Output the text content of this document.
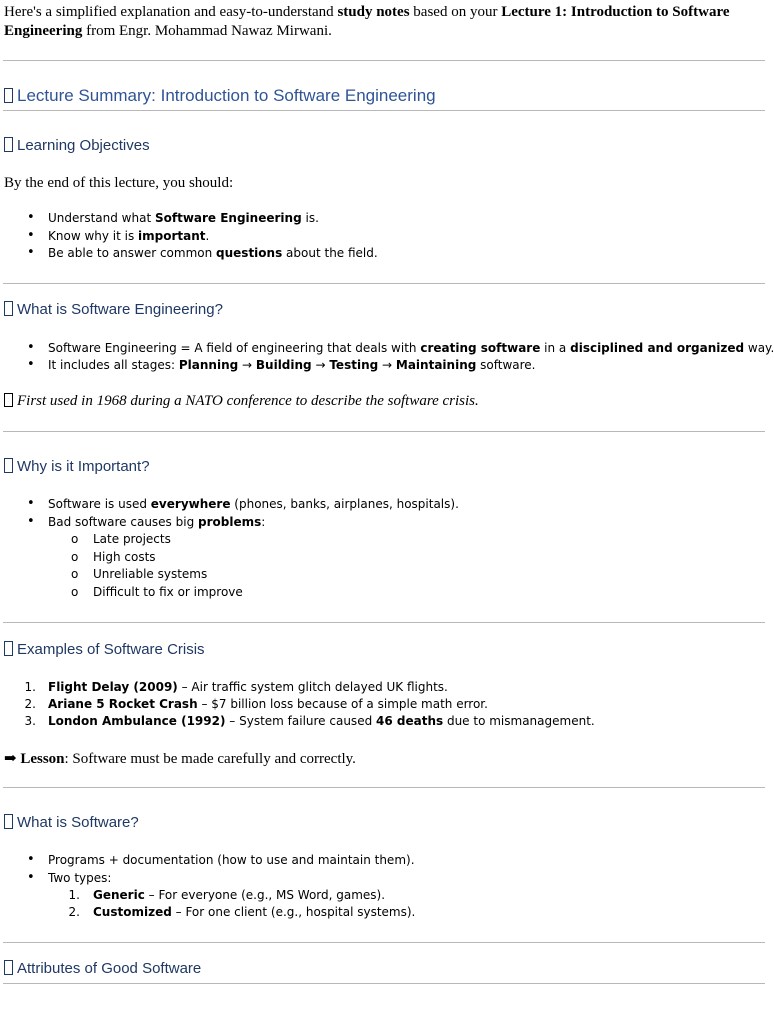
Here's a simplified explanation and easy-to-understand study notes based on your Lecture 1: Introduction to Software Engineering from Engr. Mohammad Nawaz Mirwani.
Lecture Summary: Introduction to Software Engineering
Learning Objectives
By the end of this lecture, you should:
• Understand what Software Engineering is.
• Know why it is important.
• Be able to answer common questions about the field.
What is Software Engineering?
• Software Engineering = A field of engineering that deals with creating software in a disciplined and organized way.
• It includes all stages: Planning → Building → Testing → Maintaining software.
First used in 1968 during a NATO conference to describe the software crisis.
Why is it Important?
• Software is used everywhere (phones, banks, airplanes, hospitals).
• Bad software causes big problems:
o Late projects
o High costs
o Unreliable systems
o Difficult to fix or improve
Examples of Software Crisis
1. Flight Delay (2009) – Air traffic system glitch delayed UK flights.
2. Ariane 5 Rocket Crash – $7 billion loss because of a simple math error.
3. London Ambulance (1992) – System failure caused 46 deaths due to mismanagement.
➡ Lesson: Software must be made carefully and correctly.
What is Software?
• Programs + documentation (how to use and maintain them).
• Two types:
1. Generic – For everyone (e.g., MS Word, games).
2. Customized – For one client (e.g., hospital systems).
Attributes of Good Software
